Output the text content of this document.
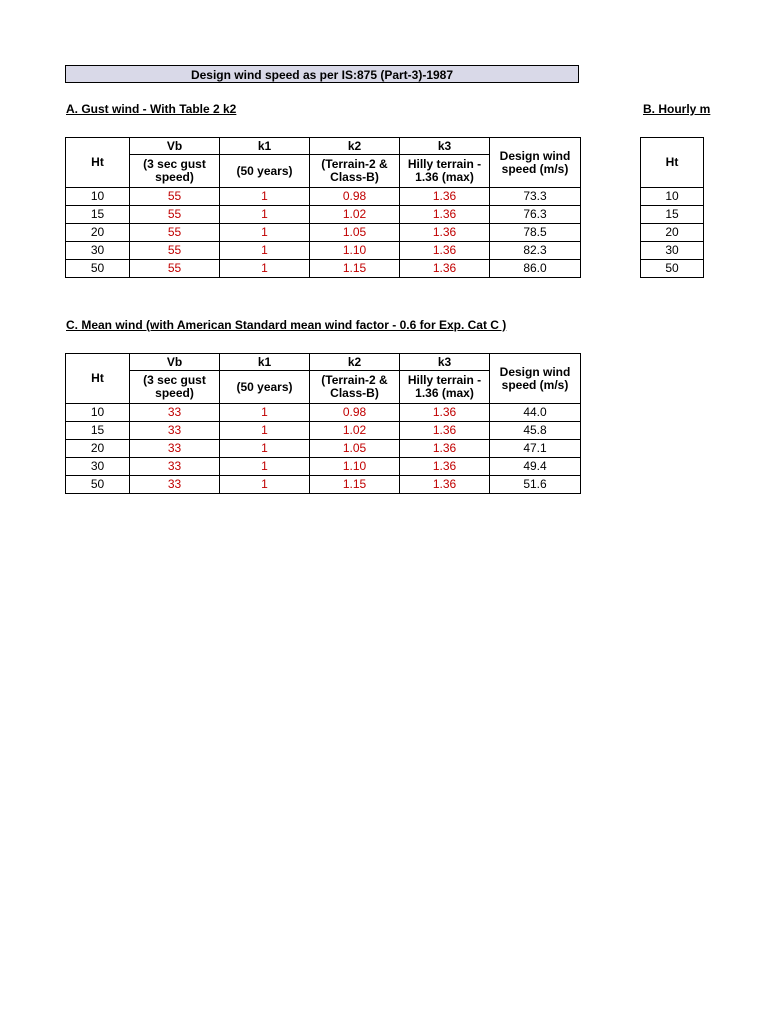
Design wind speed as per IS:875 (Part-3)-1987
A. Gust wind - With Table 2 k2	B. Hourly m
C. Mean wind (with American Standard mean wind factor - 0.6 for Exp. Cat C )
Ht	Vb	k1	k2	k3	Design wind speed (m/s)
	(3 sec gust speed)	(50 years)	(Terrain-2 & Class-B)	Hilly terrain - 1.36 (max)	
10	55	1	0.98	1.36	73.3
15	55	1	1.02	1.36	76.3
20	55	1	1.05	1.36	78.5
30	55	1	1.10	1.36	82.3
50	55	1	1.15	1.36	86.0
Ht

10
15
20
30
50
Ht	Vb	k1	k2	k3	Design wind speed (m/s)
	(3 sec gust speed)	(50 years)	(Terrain-2 & Class-B)	Hilly terrain - 1.36 (max)	
10	33	1	0.98	1.36	44.0
15	33	1	1.02	1.36	45.8
20	33	1	1.05	1.36	47.1
30	33	1	1.10	1.36	49.4
50	33	1	1.15	1.36	51.6
